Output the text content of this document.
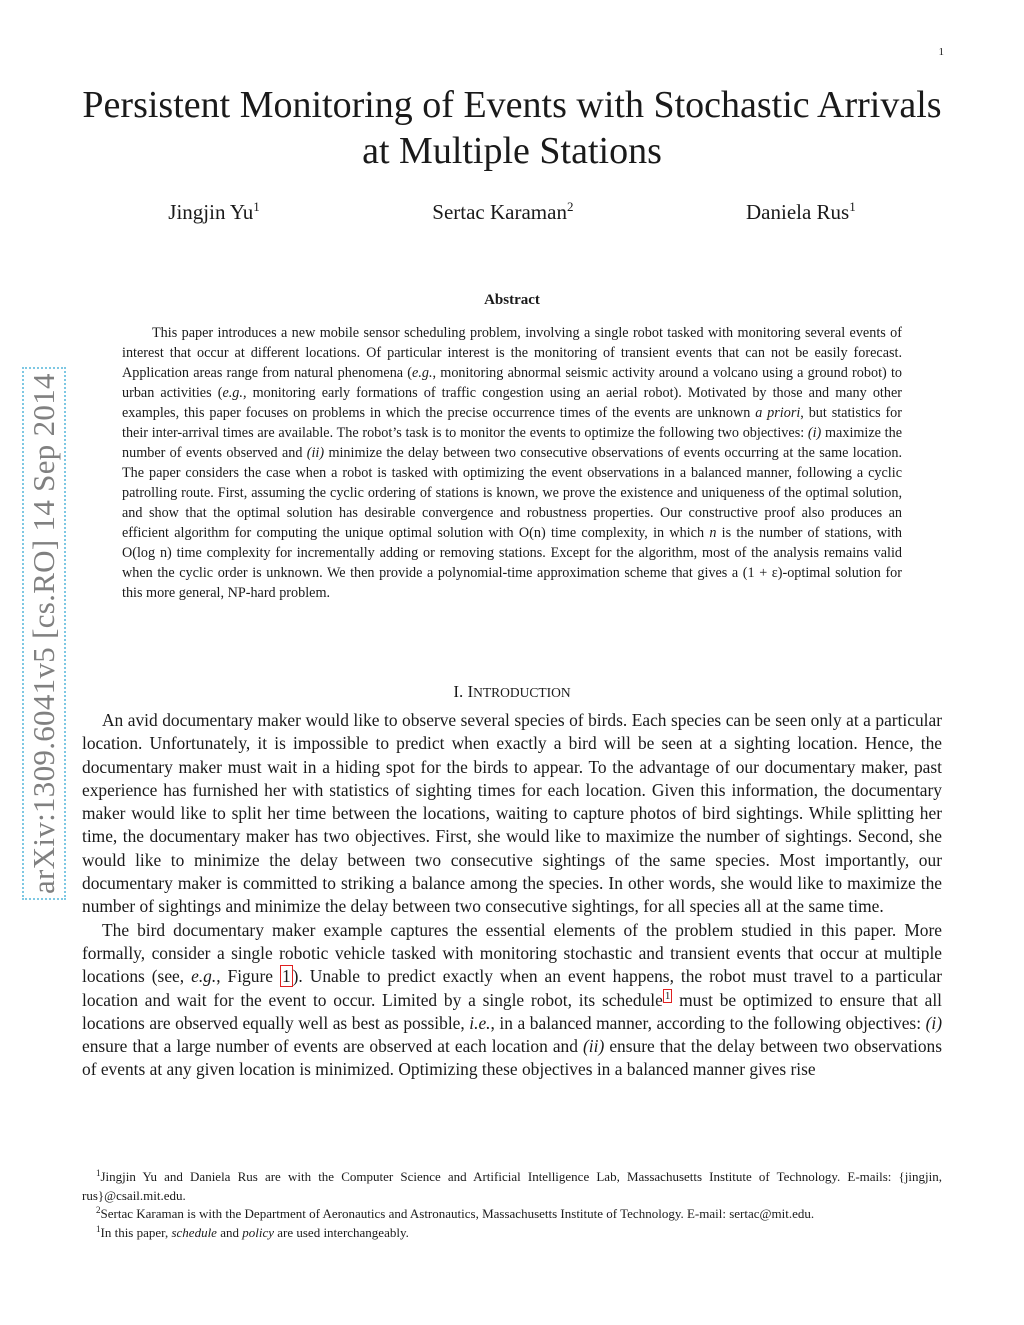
1
arXiv:1309.6041v5 [cs.RO] 14 Sep 2014
Persistent Monitoring of Events with Stochastic Arrivals at Multiple Stations
Jingjin Yu$^1$	Sertac Karaman$^2$	Daniela Rus$^1$
Abstract

This paper introduces a new mobile sensor scheduling problem, involving a single robot tasked with monitoring several events of interest that occur at different locations. Of particular interest is the monitoring of transient events that can not be easily forecast. Application areas range from natural phenomena (e.g., monitoring abnormal seismic activity around a volcano using a ground robot) to urban activities (e.g., monitoring early formations of traffic congestion using an aerial robot). Motivated by those and many other examples, this paper focuses on problems in which the precise occurrence times of the events are unknown a priori, but statistics for their inter-arrival times are available. The robot’s task is to monitor the events to optimize the following two objectives: (i) maximize the number of events observed and (ii) minimize the delay between two consecutive observations of events occurring at the same location. The paper considers the case when a robot is tasked with optimizing the event observations in a balanced manner, following a cyclic patrolling route. First, assuming the cyclic ordering of stations is known, we prove the existence and uniqueness of the optimal solution, and show that the optimal solution has desirable convergence and robustness properties. Our constructive proof also produces an efficient algorithm for computing the unique optimal solution with O(n) time complexity, in which n is the number of stations, with O(log n) time complexity for incrementally adding or removing stations. Except for the algorithm, most of the analysis remains valid when the cyclic order is unknown. We then provide a polynomial-time approximation scheme that gives a (1 + ε)-optimal solution for this more general, NP-hard problem.

I. INTRODUCTION

An avid documentary maker would like to observe several species of birds. Each species can be seen only at a particular location. Unfortunately, it is impossible to predict when exactly a bird will be seen at a sighting location. Hence, the documentary maker must wait in a hiding spot for the birds to appear. To the advantage of our documentary maker, past experience has furnished her with statistics of sighting times for each location. Given this information, the documentary maker would like to split her time between the locations, waiting to capture photos of bird sightings. While splitting her time, the documentary maker has two objectives. First, she would like to maximize the number of sightings. Second, she would like to minimize the delay between two consecutive sightings of the same species. Most importantly, our documentary maker is committed to striking a balance among the species. In other words, she would like to maximize the number of sightings and minimize the delay between two consecutive sightings, for all species all at the same time.

The bird documentary maker example captures the essential elements of the problem studied in this paper. More formally, consider a single robotic vehicle tasked with monitoring stochastic and transient events that occur at multiple locations (see, e.g., Figure 1 ). Unable to predict exactly when an event happens, the robot must travel to a particular location and wait for the event to occur. Limited by a single robot, its schedule $^1$ must be optimized to ensure that all locations are observed equally well as best as possible, i.e., in a balanced manner, according to the following objectives: (i) ensure that a large number of events are observed at each location and (ii) ensure that the delay between two observations of events at any given location is minimized. Optimizing these objectives in a balanced manner gives rise

$^1$Jingjin Yu and Daniela Rus are with the Computer Science and Artificial Intelligence Lab, Massachusetts Institute of Technology. E-mails: {jingjin, rus}@csail.mit.edu.

$^2$Sertac Karaman is with the Department of Aeronautics and Astronautics, Massachusetts Institute of Technology. E-mail: sertac@mit.edu.

$^1$In this paper, schedule and policy are used interchangeably.
